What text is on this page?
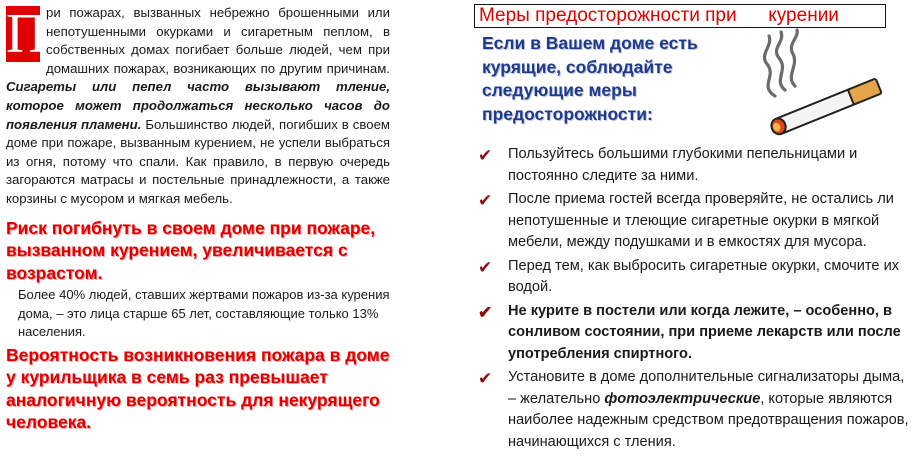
П ри пожарах, вызванных небрежно брошенными или непотушенными окурками и сигаретным пеплом, в собственных домах погибает больше людей, чем при домашних пожарах, возникающих по другим причинам. Сигареты или пепел часто вызывают тление, которое может продолжаться несколько часов до появления пламени. Большинство людей, погибших в своем доме при пожаре, вызванным курением, не успели выбраться из огня, потому что спали. Как правило, в первую очередь загораются матрасы и постельные принадлежности, а также корзины с мусором и мягкая мебель.

Риск погибнуть в своем доме при пожаре, вызванном курением, увеличивается с возрастом.
Более 40% людей, ставших жертвами пожаров из-за курения дома, – это лица старше 65 лет, составляющие только 13% населения.
Вероятность возникновения пожара в доме у курильщика в семь раз превышает аналогичную вероятность для некурящего человека.
Меры предосторожности при      курении
Если в Вашем доме есть курящие, соблюдайте следующие меры предосторожности:
✔ Пользуйтесь большими глубокими пепельницами и постоянно следите за ними.
✔ После приема гостей всегда проверяйте, не остались ли непотушенные и тлеющие сигаретные окурки в мягкой мебели, между подушками и в емкостях для мусора.
✔ Перед тем, как выбросить сигаретные окурки, смочите их водой.
✔ Не курите в постели или когда лежите, – особенно, в сонливом состоянии, при приеме лекарств или после употребления спиртного.
✔ Установите в доме дополнительные сигнализаторы дыма, – желательно фотоэлектрические, которые являются наиболее надежным средством предотвращения пожаров, начинающихся с тления.
